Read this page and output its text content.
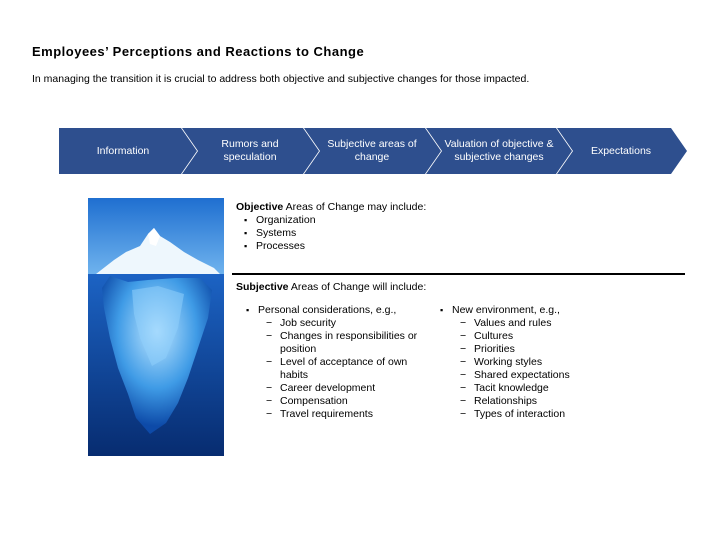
Employees’ Perceptions and Reactions to Change
In managing the transition it is crucial to address both objective and subjective changes for those impacted.
Information
Rumors and speculation
Subjective areas of change
Valuation of objective & subjective changes
Expectations
Objective Areas of Change may include:
▪ Organization
▪ Systems
▪ Processes
Subjective Areas of Change will include:
▪ Personal considerations, e.g.,
− Job security
− Changes in responsibilities or position
− Level of acceptance of own habits
− Career development
− Compensation
− Travel requirements
▪ New environment, e.g.,
− Values and rules
− Cultures
− Priorities
− Working styles
− Shared expectations
− Tacit knowledge
− Relationships
− Types of interaction
